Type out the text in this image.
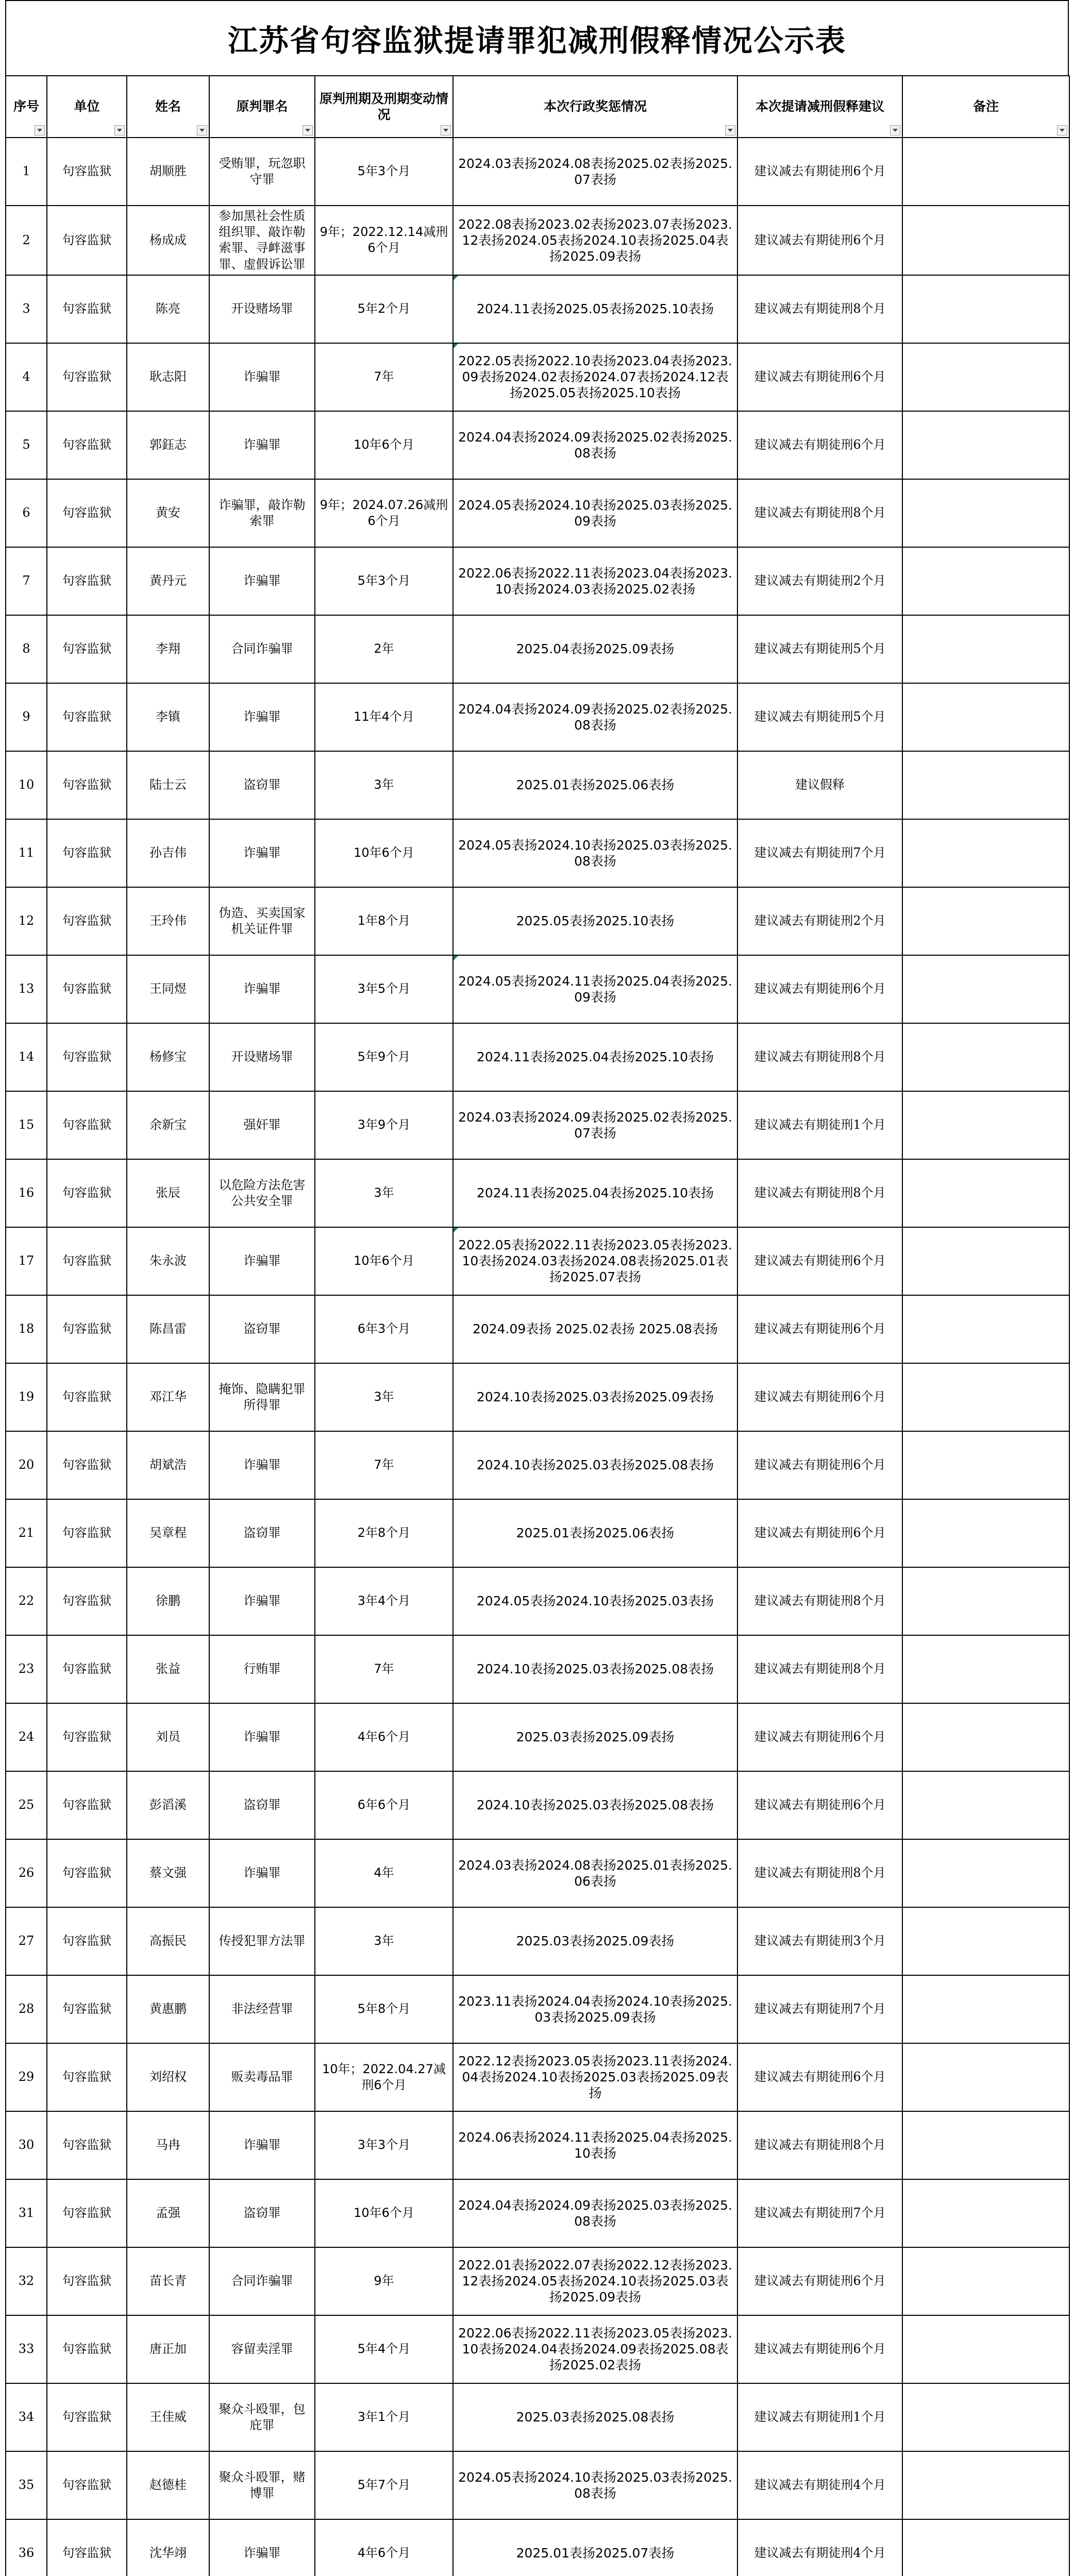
江苏省句容监狱提请罪犯减刑假释情况公示表
序号	单位	姓名	原判罪名	原判刑期及刑期变动情况	本次行政奖惩情况	本次提请减刑假释建议	备注

1	句容监狱	胡顺胜	受贿罪，玩忽职守罪	5年3个月	2024.03表扬2024.08表扬2025.02表扬2025.07表扬	建议减去有期徒刑6个月	
2	句容监狱	杨成成	参加黑社会性质组织罪、敲诈勒索罪、寻衅滋事罪、虚假诉讼罪	9年；2022.12.14减刑6个月	2022.08表扬2023.02表扬2023.07表扬2023.12表扬2024.05表扬2024.10表扬2025.04表扬2025.09表扬	建议减去有期徒刑6个月	
3	句容监狱	陈亮	开设赌场罪	5年2个月	2024.11表扬2025.05表扬2025.10表扬	建议减去有期徒刑8个月	
4	句容监狱	耿志阳	诈骗罪	7年	2022.05表扬2022.10表扬2023.04表扬2023.09表扬2024.02表扬2024.07表扬2024.12表扬2025.05表扬2025.10表扬	建议减去有期徒刑6个月	
5	句容监狱	郭鈺志	诈骗罪	10年6个月	2024.04表扬2024.09表扬2025.02表扬2025.08表扬	建议减去有期徒刑6个月	
6	句容监狱	黄安	诈骗罪，敲诈勒索罪	9年；2024.07.26减刑6个月	2024.05表扬2024.10表扬2025.03表扬2025.09表扬	建议减去有期徒刑8个月	
7	句容监狱	黄丹元	诈骗罪	5年3个月	2022.06表扬2022.11表扬2023.04表扬2023.10表扬2024.03表扬2025.02表扬	建议减去有期徒刑2个月	
8	句容监狱	李翔	合同诈骗罪	2年	2025.04表扬2025.09表扬	建议减去有期徒刑5个月	
9	句容监狱	李镇	诈骗罪	11年4个月	2024.04表扬2024.09表扬2025.02表扬2025.08表扬	建议减去有期徒刑5个月	
10	句容监狱	陆士云	盗窃罪	3年	2025.01表扬2025.06表扬	建议假释	
11	句容监狱	孙吉伟	诈骗罪	10年6个月	2024.05表扬2024.10表扬2025.03表扬2025.08表扬	建议减去有期徒刑7个月	
12	句容监狱	王玲伟	伪造、买卖国家机关证件罪	1年8个月	2025.05表扬2025.10表扬	建议减去有期徒刑2个月	
13	句容监狱	王同煜	诈骗罪	3年5个月	2024.05表扬2024.11表扬2025.04表扬2025.09表扬	建议减去有期徒刑6个月	
14	句容监狱	杨修宝	开设赌场罪	5年9个月	2024.11表扬2025.04表扬2025.10表扬	建议减去有期徒刑8个月	
15	句容监狱	余新宝	强奸罪	3年9个月	2024.03表扬2024.09表扬2025.02表扬2025.07表扬	建议减去有期徒刑1个月	
16	句容监狱	张辰	以危险方法危害公共安全罪	3年	2024.11表扬2025.04表扬2025.10表扬	建议减去有期徒刑8个月	
17	句容监狱	朱永波	诈骗罪	10年6个月	2022.05表扬2022.11表扬2023.05表扬2023.10表扬2024.03表扬2024.08表扬2025.01表扬2025.07表扬	建议减去有期徒刑6个月	
18	句容监狱	陈昌雷	盗窃罪	6年3个月	2024.09表扬 2025.02表扬 2025.08表扬	建议减去有期徒刑6个月	
19	句容监狱	邓江华	掩饰、隐瞒犯罪所得罪	3年	2024.10表扬2025.03表扬2025.09表扬	建议减去有期徒刑6个月	
20	句容监狱	胡斌浩	诈骗罪	7年	2024.10表扬2025.03表扬2025.08表扬	建议减去有期徒刑6个月	
21	句容监狱	吴章程	盗窃罪	2年8个月	2025.01表扬2025.06表扬	建议减去有期徒刑6个月	
22	句容监狱	徐鹏	诈骗罪	3年4个月	2024.05表扬2024.10表扬2025.03表扬	建议减去有期徒刑8个月	
23	句容监狱	张益	行贿罪	7年	2024.10表扬2025.03表扬2025.08表扬	建议减去有期徒刑8个月	
24	句容监狱	刘员	诈骗罪	4年6个月	2025.03表扬2025.09表扬	建议减去有期徒刑6个月	
25	句容监狱	彭滔溪	盗窃罪	6年6个月	2024.10表扬2025.03表扬2025.08表扬	建议减去有期徒刑6个月	
26	句容监狱	蔡文强	诈骗罪	4年	2024.03表扬2024.08表扬2025.01表扬2025.06表扬	建议减去有期徒刑8个月	
27	句容监狱	高振民	传授犯罪方法罪	3年	2025.03表扬2025.09表扬	建议减去有期徒刑3个月	
28	句容监狱	黄惠鹏	非法经营罪	5年8个月	2023.11表扬2024.04表扬2024.10表扬2025.03表扬2025.09表扬	建议减去有期徒刑7个月	
29	句容监狱	刘绍权	贩卖毒品罪	10年；2022.04.27减刑6个月	2022.12表扬2023.05表扬2023.11表扬2024.04表扬2024.10表扬2025.03表扬2025.09表扬	建议减去有期徒刑6个月	
30	句容监狱	马冉	诈骗罪	3年3个月	2024.06表扬2024.11表扬2025.04表扬2025.10表扬	建议减去有期徒刑8个月	
31	句容监狱	孟强	盗窃罪	10年6个月	2024.04表扬2024.09表扬2025.03表扬2025.08表扬	建议减去有期徒刑7个月	
32	句容监狱	苗长青	合同诈骗罪	9年	2022.01表扬2022.07表扬2022.12表扬2023.12表扬2024.05表扬2024.10表扬2025.03表扬2025.09表扬	建议减去有期徒刑6个月	
33	句容监狱	唐正加	容留卖淫罪	5年4个月	2022.06表扬2022.11表扬2023.05表扬2023.10表扬2024.04表扬2024.09表扬2025.08表扬2025.02表扬	建议减去有期徒刑6个月	
34	句容监狱	王佳威	聚众斗殴罪，包庇罪	3年1个月	2025.03表扬2025.08表扬	建议减去有期徒刑1个月	
35	句容监狱	赵德桂	聚众斗殴罪，赌博罪	5年7个月	2024.05表扬2024.10表扬2025.03表扬2025.08表扬	建议减去有期徒刑4个月	
36	句容监狱	沈华翊	诈骗罪	4年6个月	2025.01表扬2025.07表扬	建议减去有期徒刑4个月	
